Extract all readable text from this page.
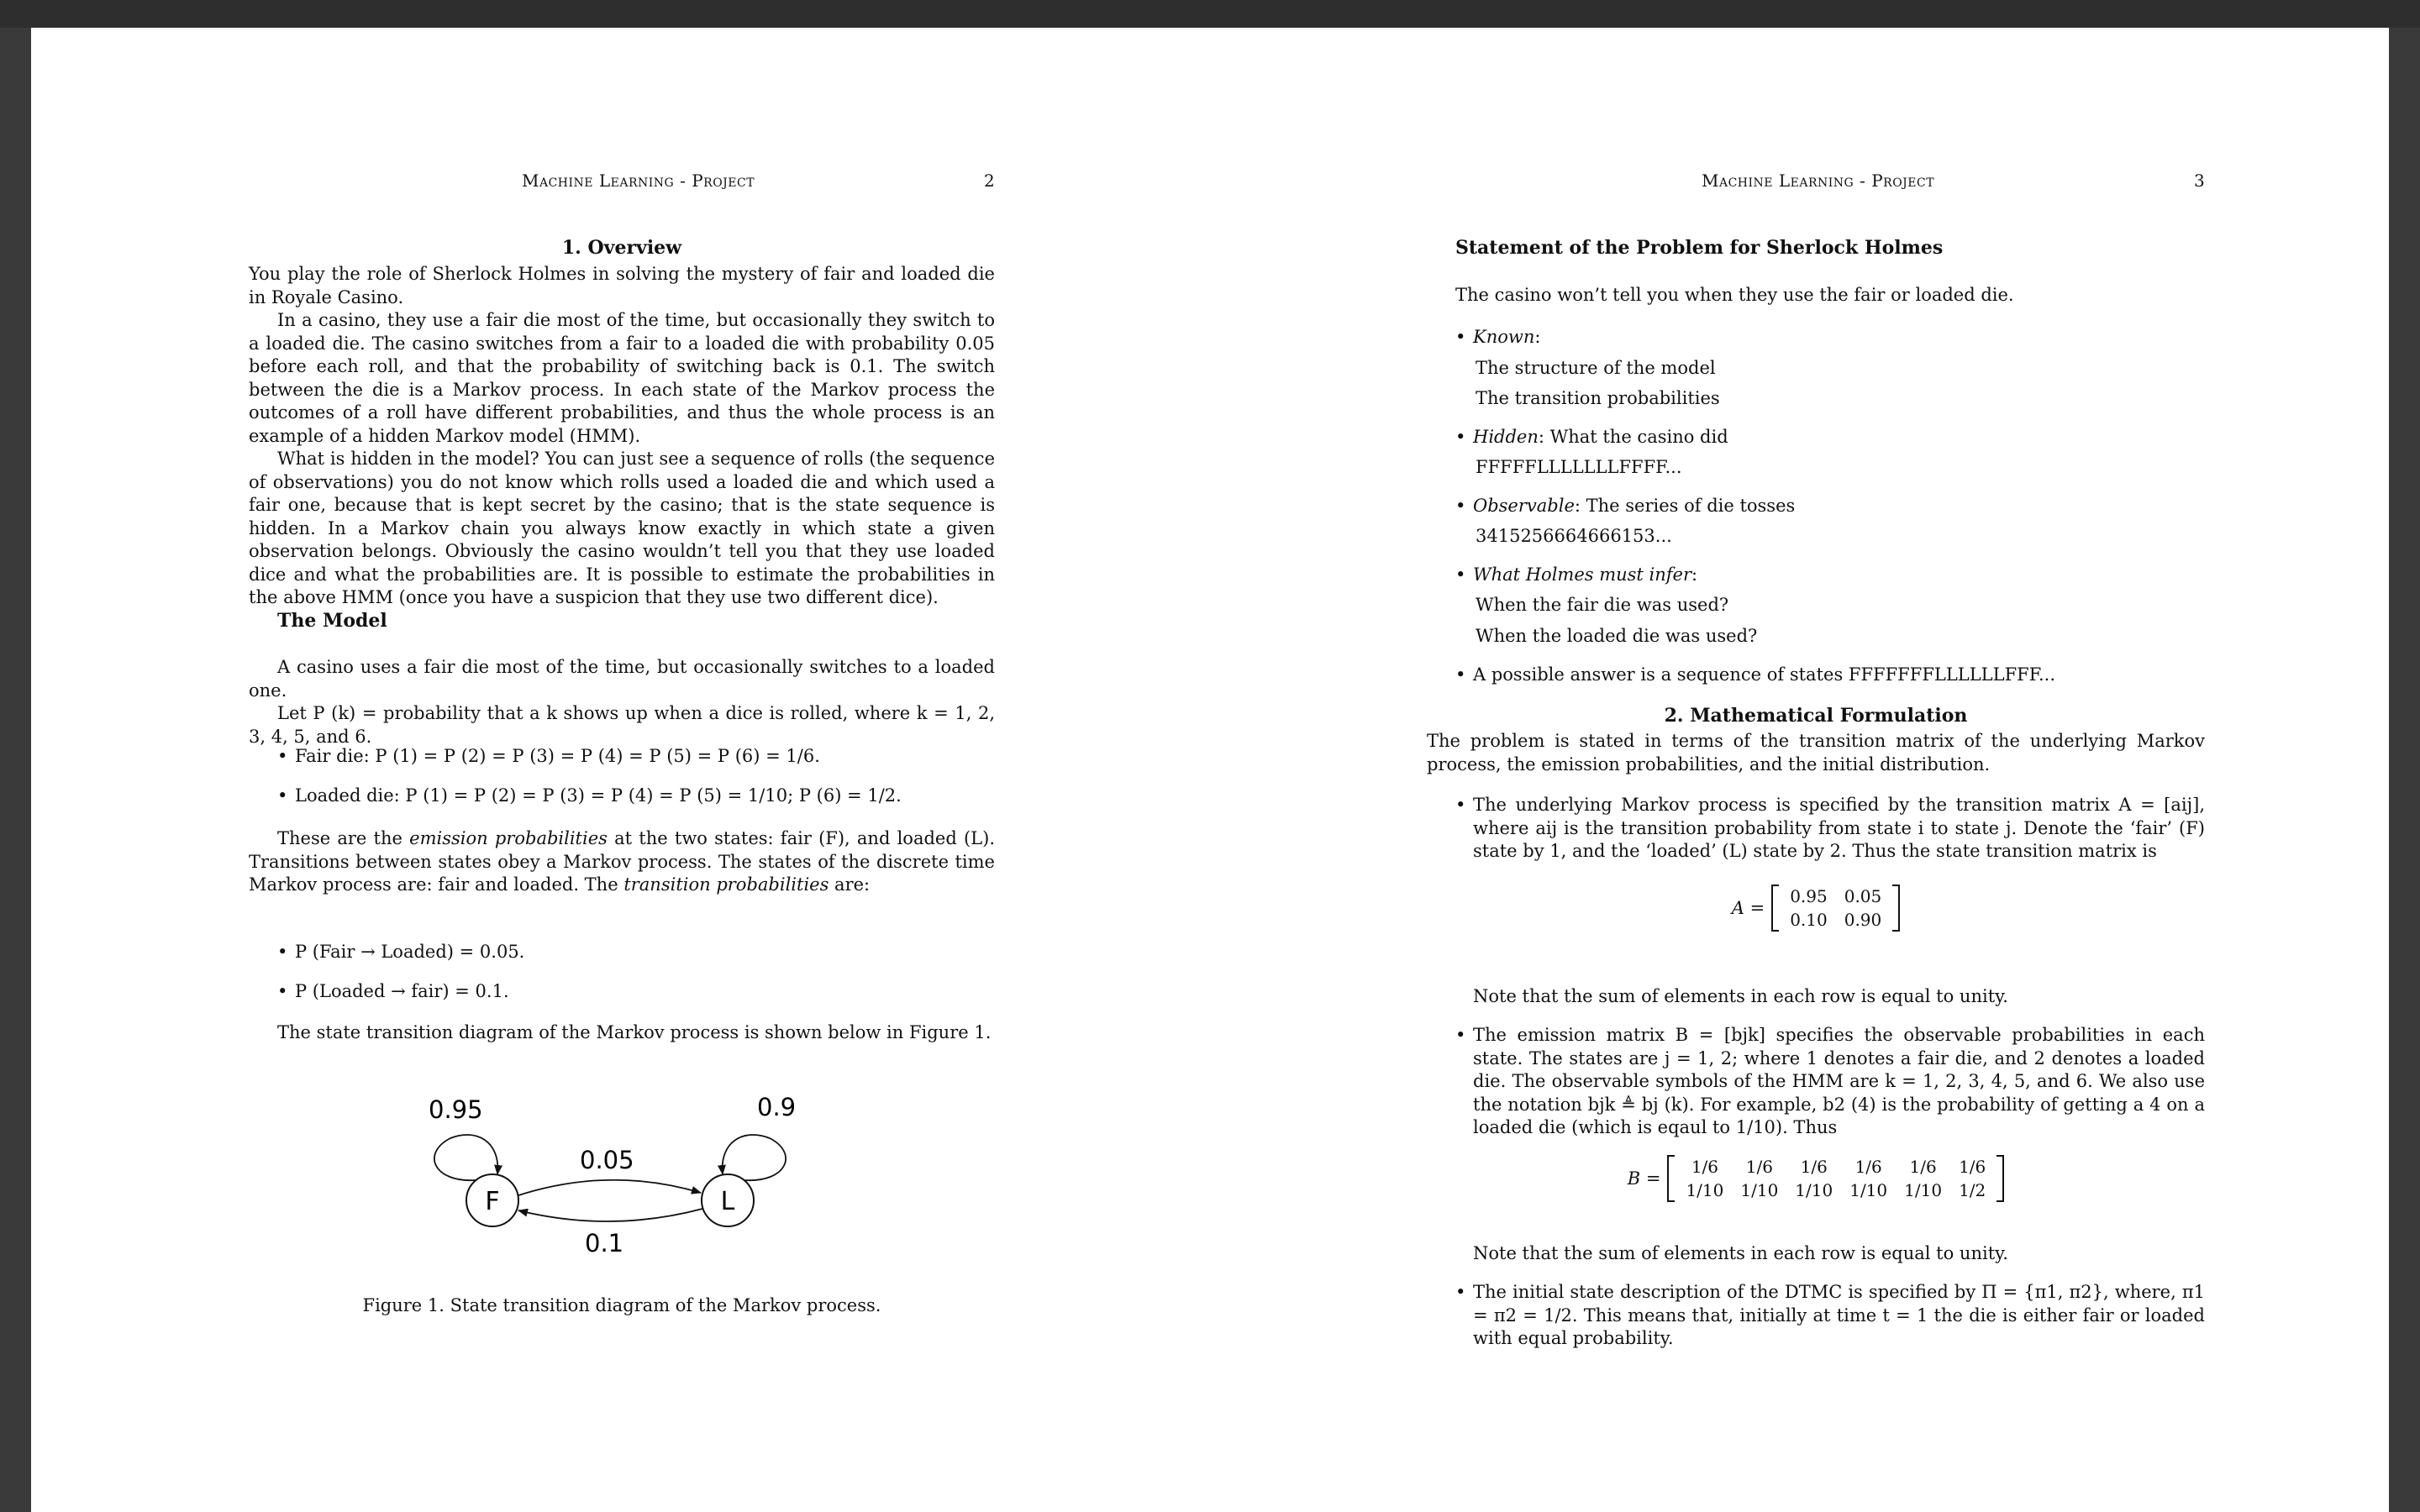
Machine Learning - Project	2
1. Overview

You play the role of Sherlock Holmes in solving the mystery of fair and loaded die in Royale Casino.

In a casino, they use a fair die most of the time, but occasionally they switch to a loaded die. The casino switches from a fair to a loaded die with probability 0.05 before each roll, and that the probability of switching back is 0.1. The switch between the die is a Markov process. In each state of the Markov process the outcomes of a roll have different probabilities, and thus the whole process is an example of a hidden Markov model (HMM).

What is hidden in the model? You can just see a sequence of rolls (the sequence of observations) you do not know which rolls used a loaded die and which used a fair one, because that is kept secret by the casino; that is the state sequence is hidden. In a Markov chain you always know exactly in which state a given observation belongs. Obviously the casino wouldn’t tell you that they use loaded dice and what the probabilities are. It is possible to estimate the probabilities in the above HMM (once you have a suspicion that they use two different dice).

The Model

A casino uses a fair die most of the time, but occasionally switches to a loaded one.

Let P (k) = probability that a k shows up when a dice is rolled, where k = 1, 2, 3, 4, 5, and 6.

• Fair die: P (1) = P (2) = P (3) = P (4) = P (5) = P (6) = 1/6.
• Loaded die: P (1) = P (2) = P (3) = P (4) = P (5) = 1/10; P (6) = 1/2.

These are the emission probabilities at the two states: fair (F), and loaded (L). Transitions between states obey a Markov process. The states of the discrete time Markov process are: fair and loaded. The transition probabilities are:

• P (Fair → Loaded) = 0.05.
• P (Loaded → fair) = 0.1.

The state transition diagram of the Markov process is shown below in Figure 1.

F	L
0.95	0.9
0.05
0.1

Figure 1. State transition diagram of the Markov process.

Machine Learning - Project	3
Statement of the Problem for Sherlock Holmes

The casino won’t tell you when they use the fair or loaded die.

• Known:
The structure of the model
The transition probabilities
• Hidden: What the casino did
FFFFFLLLLLLLFFFF...
• Observable: The series of die tosses
3415256664666153...
• What Holmes must infer:
When the fair die was used?
When the loaded die was used?
• A possible answer is a sequence of states FFFFFFFLLLLLLFFF...
2. Mathematical Formulation

The problem is stated in terms of the transition matrix of the underlying Markov process, the emission probabilities, and the initial distribution.

• The underlying Markov process is specified by the transition matrix A = [aij], where aij is the transition probability from state i to state j. Denote the ‘fair’ (F) state by 1, and the ‘loaded’ (L) state by 2. Thus the state transition matrix is
A =
0.95	0.05
0.10	0.90
Note that the sum of elements in each row is equal to unity.
• The emission matrix B = [bjk] specifies the observable probabilities in each state. The states are j = 1, 2; where 1 denotes a fair die, and 2 denotes a loaded die. The observable symbols of the HMM are k = 1, 2, 3, 4, 5, and 6. We also use the notation bjk ≜ bj (k). For example, b2 (4) is the probability of getting a 4 on a loaded die (which is eqaul to 1/10). Thus
B =
1/6	1/6	1/6	1/6	1/6	1/6
1/10	1/10	1/10	1/10	1/10	1/2
Note that the sum of elements in each row is equal to unity.
• The initial state description of the DTMC is specified by Π = {π1, π2}, where, π1 = π2 = 1/2. This means that, initially at time t = 1 the die is either fair or loaded with equal probability.
